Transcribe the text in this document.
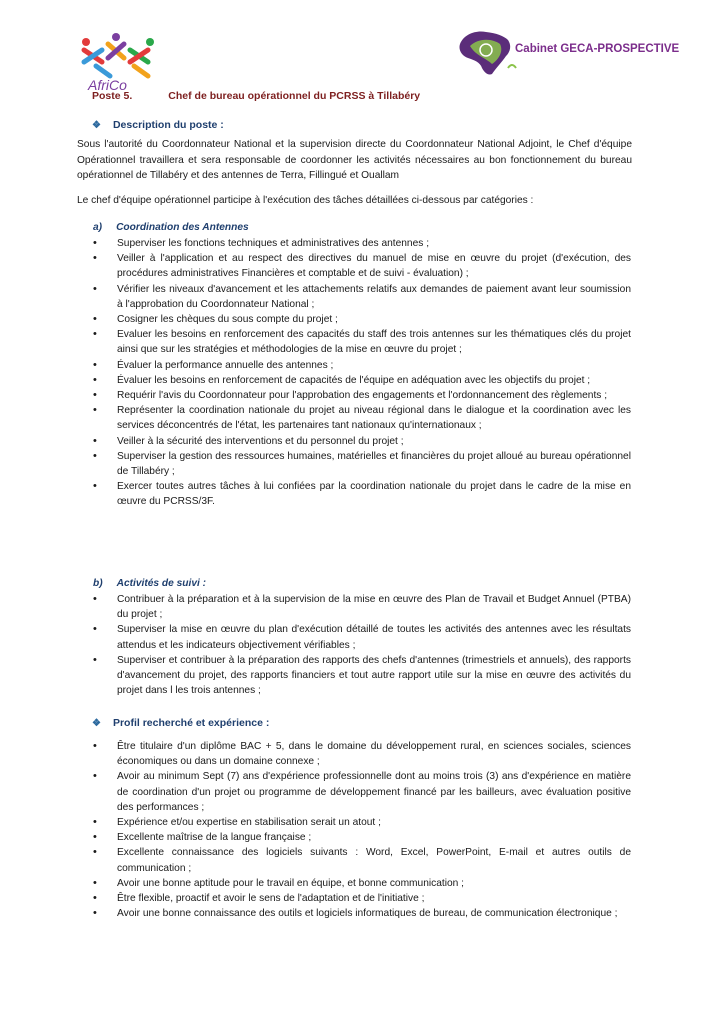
AfriCo
Cabinet GECA-PROSPECTIVE
Poste 5.	Chef de bureau opérationnel du PCRSS à Tillabéry
❖ Description du poste :

Sous l'autorité du Coordonnateur National et la supervision directe du Coordonnateur National Adjoint, le Chef d'équipe Opérationnel travaillera et sera responsable de coordonner les activités nécessaires au bon fonctionnement du bureau opérationnel de Tillabéry et des antennes de Terra, Fillingué et Ouallam

Le chef d'équipe opérationnel participe à l'exécution des tâches détaillées ci-dessous par catégories :

a) Coordination des Antennes
• Superviser les fonctions techniques et administratives des antennes ;
• Veiller à l'application et au respect des directives du manuel de mise en œuvre du projet (d'exécution, des procédures administratives Financières et comptable et de suivi - évaluation) ;
• Vérifier les niveaux d'avancement et les attachements relatifs aux demandes de paiement avant leur soumission à l'approbation du Coordonnateur National ;
• Cosigner les chèques du sous compte du projet ;
• Evaluer les besoins en renforcement des capacités du staff des trois antennes sur les thématiques clés du projet ainsi que sur les stratégies et méthodologies de la mise en œuvre du projet ;
• Évaluer la performance annuelle des antennes ;
• Évaluer les besoins en renforcement de capacités de l'équipe en adéquation avec les objectifs du projet ;
• Requérir l'avis du Coordonnateur pour l'approbation des engagements et l'ordonnancement des règlements ;
• Représenter la coordination nationale du projet au niveau régional dans le dialogue et la coordination avec les services déconcentrés de l'état, les partenaires tant nationaux qu'internationaux ;
• Veiller à la sécurité des interventions et du personnel du projet ;
• Superviser la gestion des ressources humaines, matérielles et financières du projet alloué au bureau opérationnel de Tillabéry ;
• Exercer toutes autres tâches à lui confiées par la coordination nationale du projet dans le cadre de la mise en œuvre du PCRSS/3F.
b) Activités de suivi :
• Contribuer à la préparation et à la supervision de la mise en œuvre des Plan de Travail et Budget Annuel (PTBA) du projet ;
• Superviser la mise en œuvre du plan d'exécution détaillé de toutes les activités des antennes avec les résultats attendus et les indicateurs objectivement vérifiables ;
• Superviser et contribuer à la préparation des rapports des chefs d'antennes (trimestriels et annuels), des rapports d'avancement du projet, des rapports financiers et tout autre rapport utile sur la mise en œuvre des activités du projet dans l les trois antennes ;
❖ Profil recherché et expérience :
• Être titulaire d'un diplôme BAC + 5, dans le domaine du développement rural, en sciences sociales, sciences économiques ou dans un domaine connexe ;
• Avoir au minimum Sept (7) ans d'expérience professionnelle dont au moins trois (3) ans d'expérience en matière de coordination d'un projet ou programme de développement financé par les bailleurs, avec évaluation positive des performances ;
• Expérience et/ou expertise en stabilisation serait un atout ;
• Excellente maîtrise de la langue française ;
• Excellente connaissance des logiciels suivants : Word, Excel, PowerPoint, E-mail et autres outils de communication ;
• Avoir une bonne aptitude pour le travail en équipe, et bonne communication ;
• Être flexible, proactif et avoir le sens de l'adaptation et de l'initiative ;
• Avoir une bonne connaissance des outils et logiciels informatiques de bureau, de communication électronique ;
